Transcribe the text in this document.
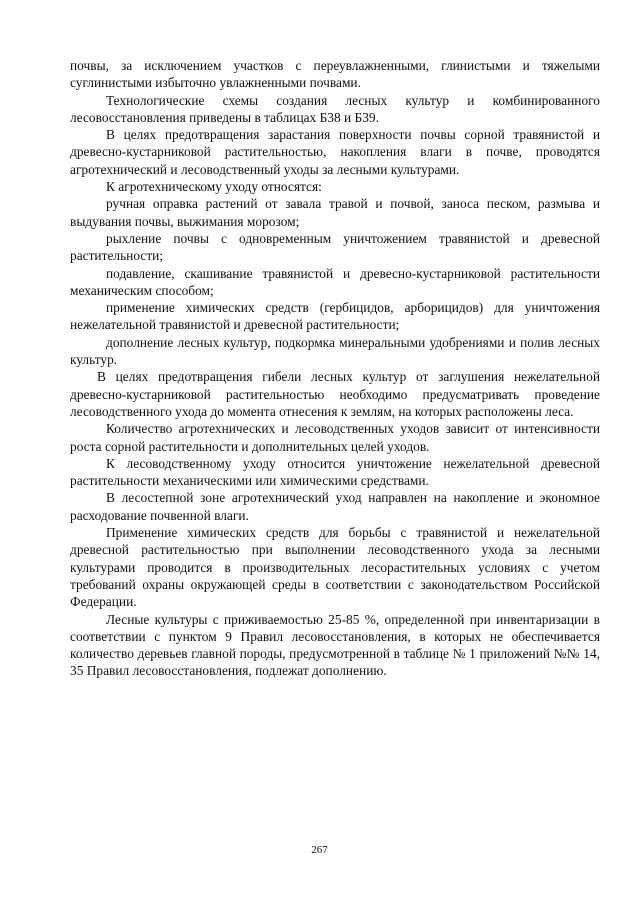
почвы, за исключением участков с переувлажненными, глинистыми и тяжелыми суглинистыми избыточно увлажненными почвами.

Технологические схемы создания лесных культур и комбинированного лесовосстановления приведены в таблицах Б38 и Б39.

В целях предотвращения зарастания поверхности почвы сорной травянистой и древесно-кустарниковой растительностью, накопления влаги в почве, проводятся агротехнический и лесоводственный уходы за лесными культурами.

К агротехническому уходу относятся:

ручная оправка растений от завала травой и почвой, заноса песком, размыва и выдувания почвы, выжимания морозом;

рыхление почвы с одновременным уничтожением травянистой и древесной растительности;

подавление, скашивание травянистой и древесно-кустарниковой растительности механическим способом;

применение химических средств (гербицидов, арборицидов) для уничтожения нежелательной травянистой и древесной растительности;

дополнение лесных культур, подкормка минеральными удобрениями и полив лесных культур.

В целях предотвращения гибели лесных культур от заглушения нежелательной древесно-кустарниковой растительностью необходимо предусматривать проведение лесоводственного ухода до момента отнесения к землям, на которых расположены леса.

Количество агротехнических и лесоводственных уходов зависит от интенсивности роста сорной растительности и дополнительных целей уходов.

К лесоводственному уходу относится уничтожение нежелательной древесной растительности механическими или химическими средствами.

В лесостепной зоне агротехнический уход направлен на накопление и экономное расходование почвенной влаги.

Применение химических средств для борьбы с травянистой и нежелательной древесной растительностью при выполнении лесоводственного ухода за лесными культурами проводится в производительных лесорастительных условиях с учетом требований охраны окружающей среды в соответствии с законодательством Российской Федерации.

Лесные культуры с приживаемостью 25-85 %, определенной при инвентаризации в соответствии с пунктом 9 Правил лесовосстановления, в которых не обеспечивается количество деревьев главной породы, предусмотренной в таблице № 1 приложений №№ 14, 35 Правил лесовосстановления, подлежат дополнению.

267
